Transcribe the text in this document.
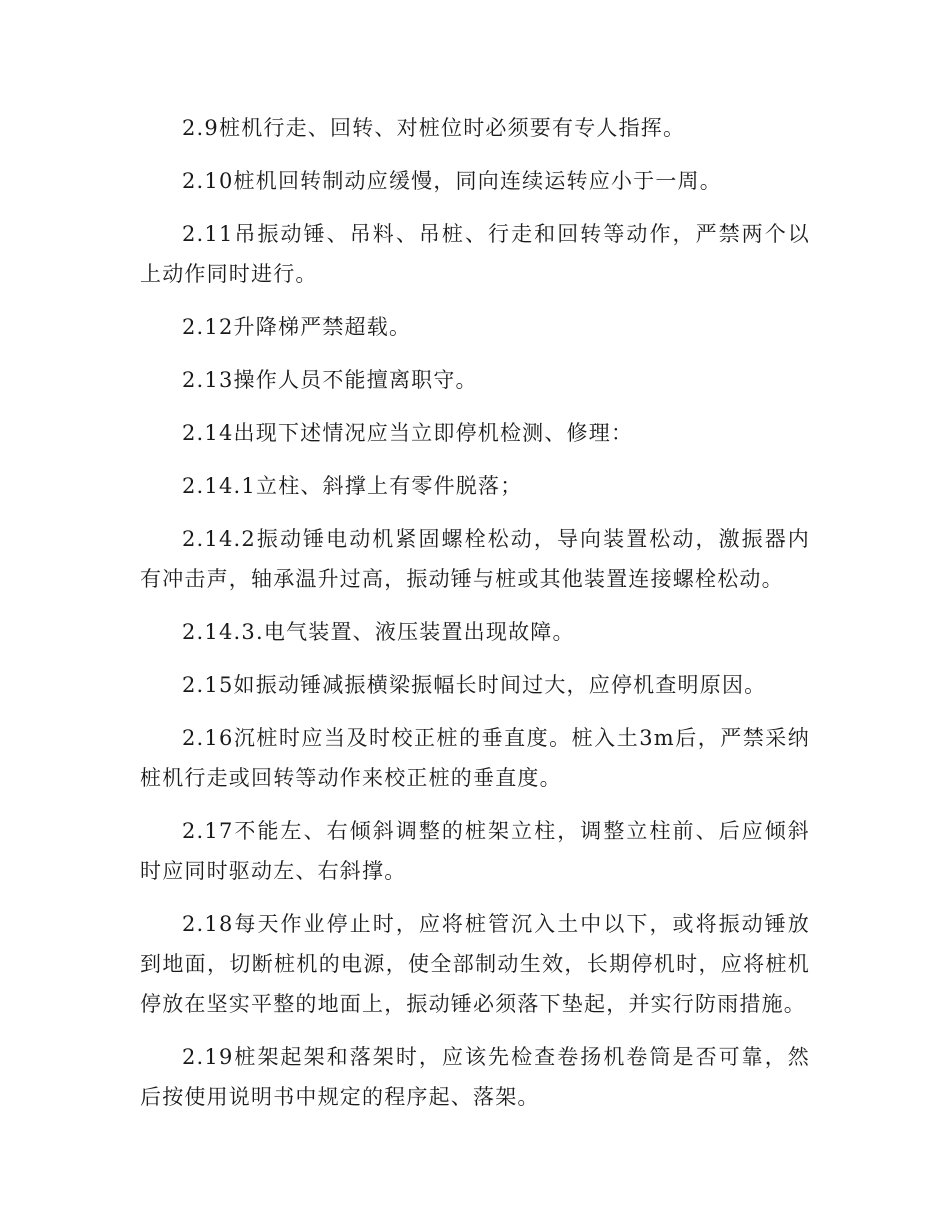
2.9桩机行走、回转、对桩位时必须要有专人指挥。

2.10桩机回转制动应缓慢，同向连续运转应小于一周。

2.11吊振动锤、吊料、吊桩、行走和回转等动作，严禁两个以上动作同时进行。

2.12升降梯严禁超载。

2.13操作人员不能擅离职守。

2.14出现下述情况应当立即停机检测、修理：

2.14.1立柱、斜撑上有零件脱落；

2.14.2振动锤电动机紧固螺栓松动，导向装置松动，激振器内有冲击声，轴承温升过高，振动锤与桩或其他装置连接螺栓松动。

2.14.3.电气装置、液压装置出现故障。

2.15如振动锤减振横梁振幅长时间过大，应停机查明原因。

2.16沉桩时应当及时校正桩的垂直度。桩入土3m后，严禁采纳桩机行走或回转等动作来校正桩的垂直度。

2.17不能左、右倾斜调整的桩架立柱，调整立柱前、后应倾斜时应同时驱动左、右斜撑。

2.18每天作业停止时，应将桩管沉入土中以下，或将振动锤放到地面，切断桩机的电源，使全部制动生效，长期停机时，应将桩机停放在坚实平整的地面上，振动锤必须落下垫起，并实行防雨措施。

2.19桩架起架和落架时，应该先检查卷扬机卷筒是否可靠，然后按使用说明书中规定的程序起、落架。
